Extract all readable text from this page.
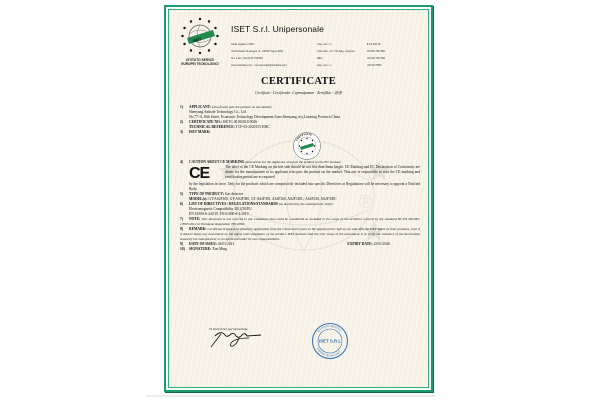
®
ISET
ISTITUTO SERVIZI
EUROPEI TECNOLOGICI
ISET S.r.l. Unipersonale
Sede Legale e Uffici	Cap. soc. i.v.	€ 10.400,00
Via Donatori di sangue, 9 - 00020 Vigne (RN)	Cod. Fisc. e P. IVA Reg. Imprese	02 032 750 380
Tel. e fax +39 (0)75 764090	REA	02 032 750 380
www.isetitalia.com - commerciale@isetitalia.com	Cap. soc. i.v.	VR 0217850
CERTIFICATE
Certificat - Certificado- Сертификат - Zertifikat - 證書
1) APPLICANT: (who finally puts the product on the market)
Shenyang Ambole Technology Co., Ltd
No.77-11,16th Street, Economic Technology Development Zone,Shenyang city,Liaoning Province,China
2) CERTIFICATE NO.: ISETC.0018202110026
TECHNICAL REFERENCE: TCF-03-2020155-EMC
3) ISET MARK:
CERTIFICATE
4) CAUTION ABOUT CE MARKING (Instruction for the Applicant who puts the product on the EU market):
CE	The label of the CE Marking on the left side should be not less than 5mm height. CE Marking and EC Declaration of Conformity are duties for the manufacturer or its applicant who puts the product on the market. This one is responsible to start the CE marking and certification period are as required
by the legislation in force. Only for the products which are compulsorily included into specific Directives or Regulations will be necessary to appoint a Notified Body.
5) TYPE OF PRODUCT: Gas detector
MODEL(s): GT-AS2F300, GT-AS2F380, GT-AS2F381, AS2F360, AS2F310C, AS2F330, AS2F330C
6) LIST OF DIRECTIVES / REGULATIONS/STANDARDS (as declared by the manufacturer itself):
Electromagnetic Compatibility 2014/30/EU
EN 61000-6-4:2019, EN 61000-6-2:2019
7) NOTE: This document is not referred to any evaluation that could be considered as included in the scope of the activities covered by the standard BS EN ISO/IEC 17065:2012 or European Regulation 765/2008.
8) REMARK: Certificate is issued on voluntary application from the Client and it gives to the applicant the right to use and affix the ISET Mark on their products, even if it doesn't imply any assessment on the safety and compliance of the product. ISET declares that the only scope of the assessment is to verify the existence of the declaration issued by the manufacturer or an applicant under its own responsibilities.
9) DATE OF ISSUE: 26/01/2021	EXPIRY DATE: 25/01/2026
10) SIGNATURE: Xue Ming
On behalf of the Legal representative
ISTITUTO SERVIZI
EUROPEI TECNOLOGICI
ISET S.R.L
